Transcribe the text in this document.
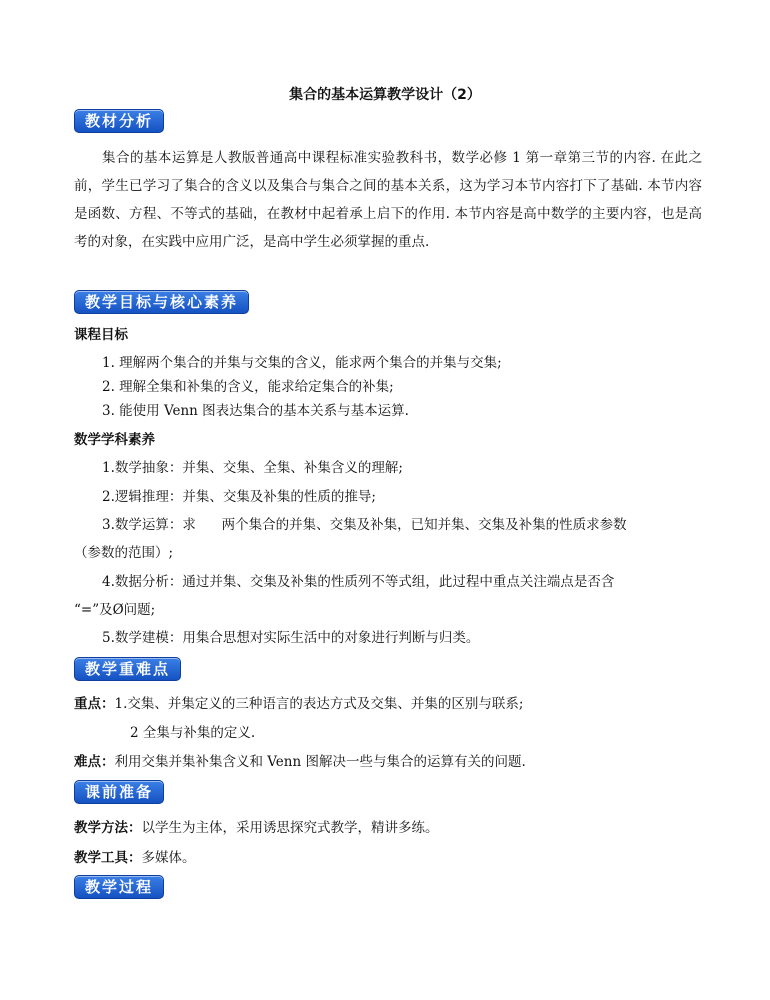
集合的基本运算教学设计（2）
教材分析

集合的基本运算是人教版普通高中课程标准实验教科书，数学必修 1 第一章第三节的内容. 在此之前，学生已学习了集合的含义以及集合与集合之间的基本关系，这为学习本节内容打下了基础. 本节内容是函数、方程、不等式的基础，在教材中起着承上启下的作用. 本节内容是高中数学的主要内容，也是高考的对象，在实践中应用广泛，是高中学生必须掌握的重点.

教学目标与核心素养
课程目标
1. 理解两个集合的并集与交集的含义，能求两个集合的并集与交集;
2. 理解全集和补集的含义，能求给定集合的补集;
3. 能使用 Venn 图表达集合的基本关系与基本运算.
数学学科素养
1.数学抽象：并集、交集、全集、补集含义的理解;
2.逻辑推理：并集、交集及补集的性质的推导;
3.数学运算：求      两个集合的并集、交集及补集，已知并集、交集及补集的性质求参数
（参数的范围）;
4.数据分析：通过并集、交集及补集的性质列不等式组，此过程中重点关注端点是否含
“=”及Ø问题;
5.数学建模：用集合思想对实际生活中的对象进行判断与归类。
教学重难点
重点：1.交集、并集定义的三种语言的表达方式及交集、并集的区别与联系;
2 全集与补集的定义.
难点：利用交集并集补集含义和 Venn 图解决一些与集合的运算有关的问题.
课前准备
教学方法：以学生为主体，采用诱思探究式教学，精讲多练。
教学工具：多媒体。
教学过程
